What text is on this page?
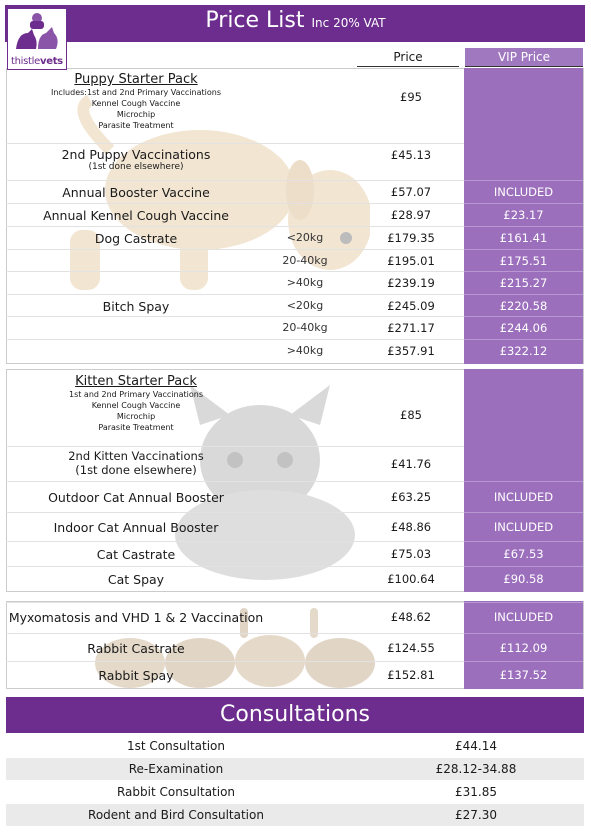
Price List Inc 20% VAT
thistlevets	Price	VIP Price
Puppy Starter Pack
Includes:1st and 2nd Primary Vaccinations
Kennel Cough Vaccine
Microchip
Parasite Treatment
£95
2nd Puppy Vaccinations
(1st done elsewhere)
£45.13
Annual Booster Vaccine	£57.07	INCLUDED
Annual Kennel Cough Vaccine	£28.97	£23.17
Dog Castrate	<20kg	£179.35	£161.41
20-40kg	£195.01	£175.51
>40kg	£239.19	£215.27
Bitch Spay	<20kg	£245.09	£220.58
20-40kg	£271.17	£244.06
>40kg	£357.91	£322.12
Kitten Starter Pack
1st and 2nd Primary Vaccinations
Kennel Cough Vaccine
Microchip
Parasite Treatment
£85
2nd Kitten Vaccinations
(1st done elsewhere)	£41.76
Outdoor Cat Annual Booster	£63.25	INCLUDED
Indoor Cat Annual Booster	£48.86	INCLUDED
Cat Castrate	£75.03	£67.53
Cat Spay	£100.64	£90.58
Myxomatosis and VHD 1 & 2 Vaccination	£48.62	INCLUDED
Rabbit Castrate	£124.55	£112.09
Rabbit Spay	£152.81	£137.52
Consultations
1st Consultation	£44.14
Re-Examination	£28.12-34.88
Rabbit Consultation	£31.85
Rodent and Bird Consultation	£27.30
